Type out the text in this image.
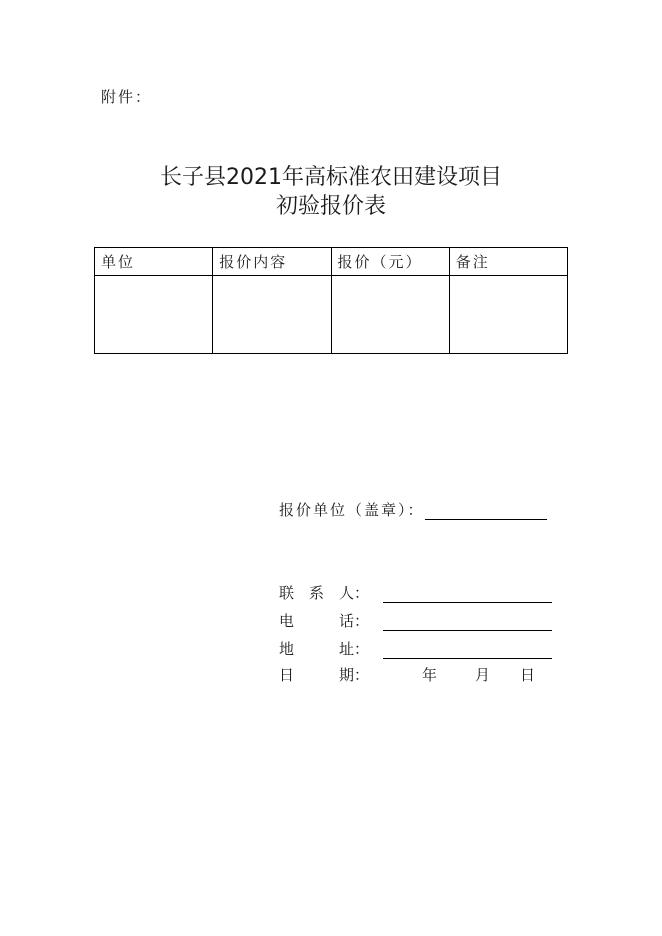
附件：
长子县2021年高标准农田建设项目
初验报价表
单位	报价内容	报价（元）	备注

报价单位（盖章）：
联　系　人：
电　　　话：
地　　　址：
日　　　期：	年	月 日
